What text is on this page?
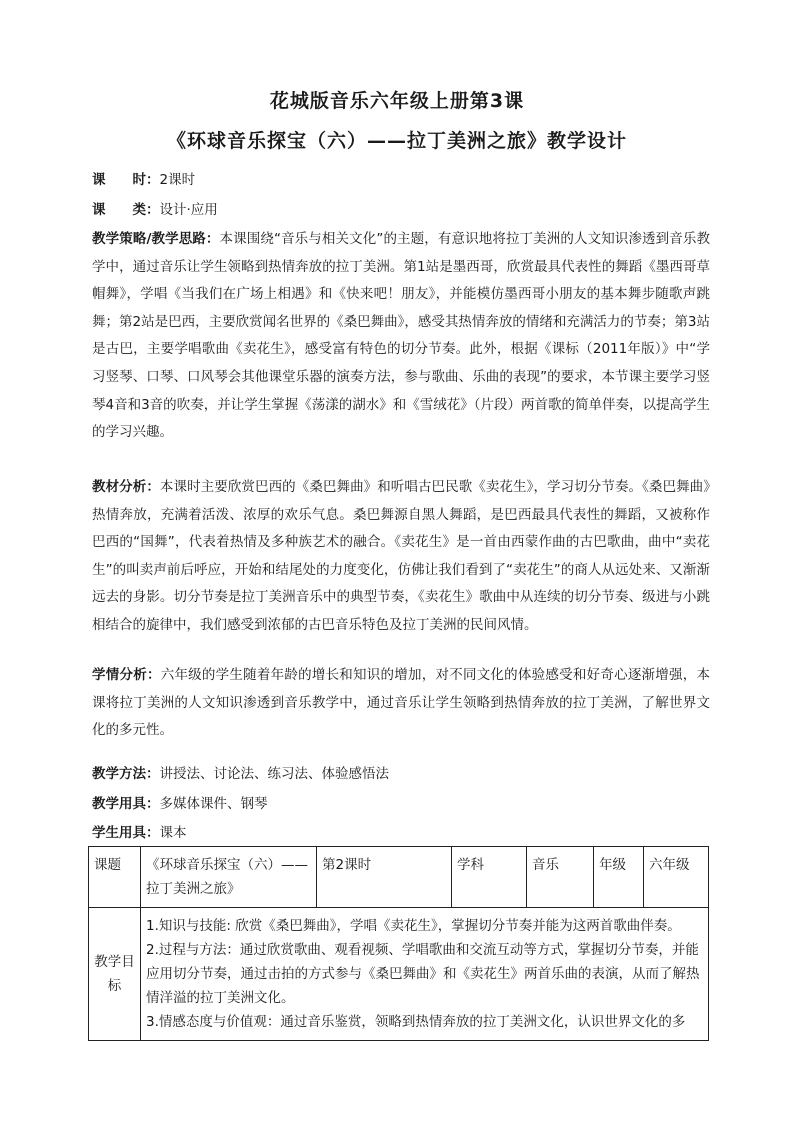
花城版音乐六年级上册第3课
《环球音乐探宝（六）——拉丁美洲之旅》教学设计
课　　时：2课时
课　　类：设计·应用
教学策略/教学思路：本课围绕“音乐与相关文化”的主题，有意识地将拉丁美洲的人文知识渗透到音乐教学中，通过音乐让学生领略到热情奔放的拉丁美洲。第1站是墨西哥，欣赏最具代表性的舞蹈《墨西哥草帽舞》，学唱《当我们在广场上相遇》和《快来吧！朋友》，并能模仿墨西哥小朋友的基本舞步随歌声跳舞；第2站是巴西，主要欣赏闻名世界的《桑巴舞曲》，感受其热情奔放的情绪和充满活力的节奏；第3站是古巴，主要学唱歌曲《卖花生》，感受富有特色的切分节奏。此外，根据《课标（2011年版）》中“学习竖琴、口琴、口风琴会其他课堂乐器的演奏方法，参与歌曲、乐曲的表现”的要求，本节课主要学习竖琴4音和3音的吹奏，并让学生掌握《荡漾的湖水》和《雪绒花》（片段）两首歌的简单伴奏，以提高学生的学习兴趣。
教材分析：本课时主要欣赏巴西的《桑巴舞曲》和听唱古巴民歌《卖花生》，学习切分节奏。《桑巴舞曲》热情奔放，充满着活泼、浓厚的欢乐气息。桑巴舞源自黑人舞蹈，是巴西最具代表性的舞蹈，又被称作巴西的“国舞”，代表着热情及多种族艺术的融合。《卖花生》是一首由西蒙作曲的古巴歌曲，曲中“卖花生”的叫卖声前后呼应，开始和结尾处的力度变化，仿佛让我们看到了“卖花生”的商人从远处来、又渐渐远去的身影。切分节奏是拉丁美洲音乐中的典型节奏，《卖花生》歌曲中从连续的切分节奏、级进与小跳相结合的旋律中，我们感受到浓郁的古巴音乐特色及拉丁美洲的民间风情。
学情分析：六年级的学生随着年龄的增长和知识的增加，对不同文化的体验感受和好奇心逐渐增强，本课将拉丁美洲的人文知识渗透到音乐教学中，通过音乐让学生领略到热情奔放的拉丁美洲，了解世界文化的多元性。
教学方法：讲授法、讨论法、练习法、体验感悟法
教学用具：多媒体课件、钢琴
学生用具：课本
课题	《环球音乐探宝（六）——拉丁美洲之旅》	第2课时	学科	音乐	年级	六年级
教学目标	1.知识与技能: 欣赏《桑巴舞曲》，学唱《卖花生》，掌握切分节奏并能为这两首歌曲伴奏。

2.过程与方法：通过欣赏歌曲、观看视频、学唱歌曲和交流互动等方式，掌握切分节奏，并能应用切分节奏，通过击拍的方式参与《桑巴舞曲》和《卖花生》两首乐曲的表演，从而了解热情洋溢的拉丁美洲文化。

3.情感态度与价值观：通过音乐鉴赏，领略到热情奔放的拉丁美洲文化，认识世界文化的多					
